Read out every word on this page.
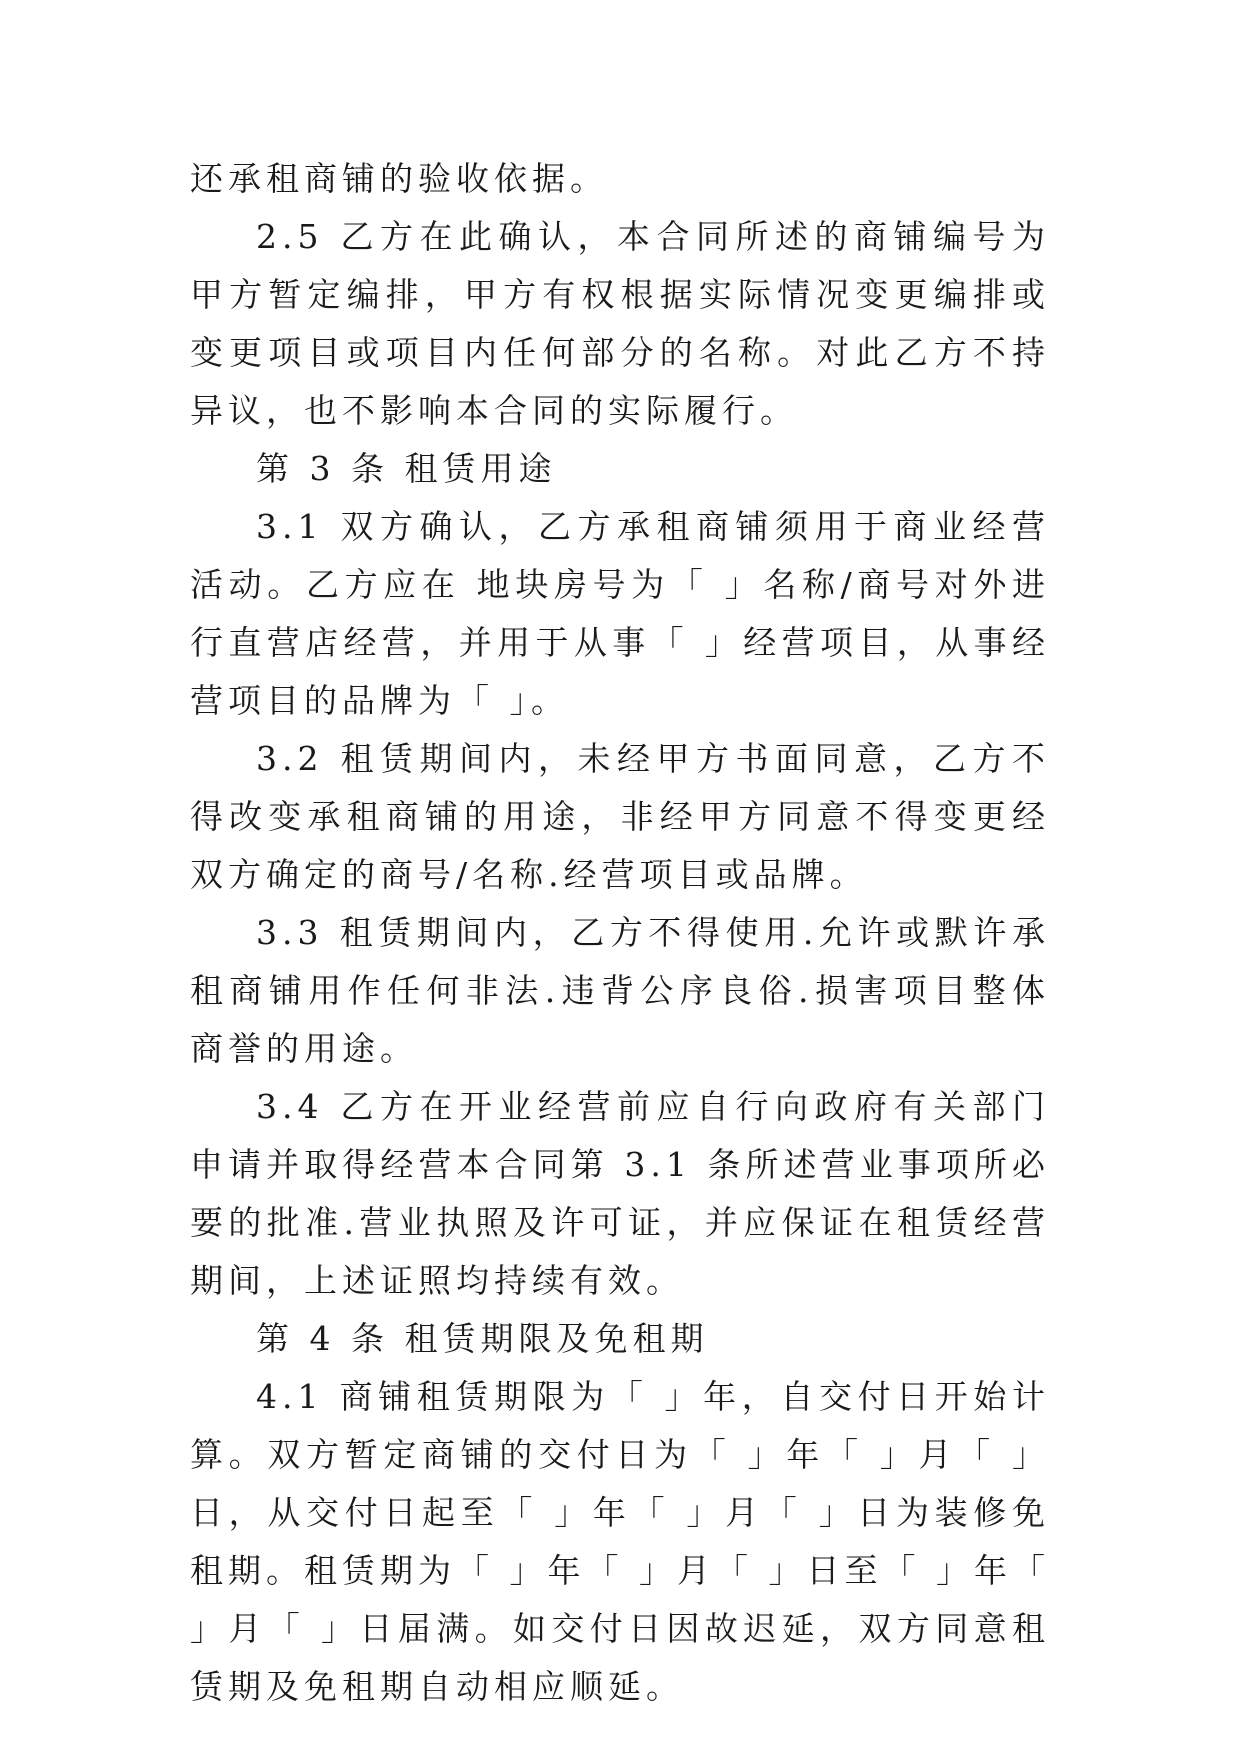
还承租商铺的验收依据。

2.5 乙方在此确认，本合同所述的商铺编号为甲方暂定编排，甲方有权根据实际情况变更编排或变更项目或项目内任何部分的名称。对此乙方不持异议，也不影响本合同的实际履行。

第 3 条 租赁用途

3.1 双方确认，乙方承租商铺须用于商业经营活动。乙方应在 地块房号为「 」名称/商号对外进行直营店经营，并用于从事「 」经营项目，从事经营项目的品牌为「 」。

3.2 租赁期间内，未经甲方书面同意，乙方不得改变承租商铺的用途，非经甲方同意不得变更经双方确定的商号/名称.经营项目或品牌。

3.3 租赁期间内，乙方不得使用.允许或默许承租商铺用作任何非法.违背公序良俗.损害项目整体商誉的用途。

3.4 乙方在开业经营前应自行向政府有关部门申请并取得经营本合同第 3.1 条所述营业事项所必要的批准.营业执照及许可证，并应保证在租赁经营期间，上述证照均持续有效。

第 4 条 租赁期限及免租期

4.1 商铺租赁期限为「 」年，自交付日开始计算。双方暂定商铺的交付日为「 」年「 」月「 」日，从交付日起至「 」年「 」月「 」日为装修免租期。租赁期为「 」年「 」月「 」日至「 」年「 」月「 」日届满。如交付日因故迟延，双方同意租赁期及免租期自动相应顺延。
